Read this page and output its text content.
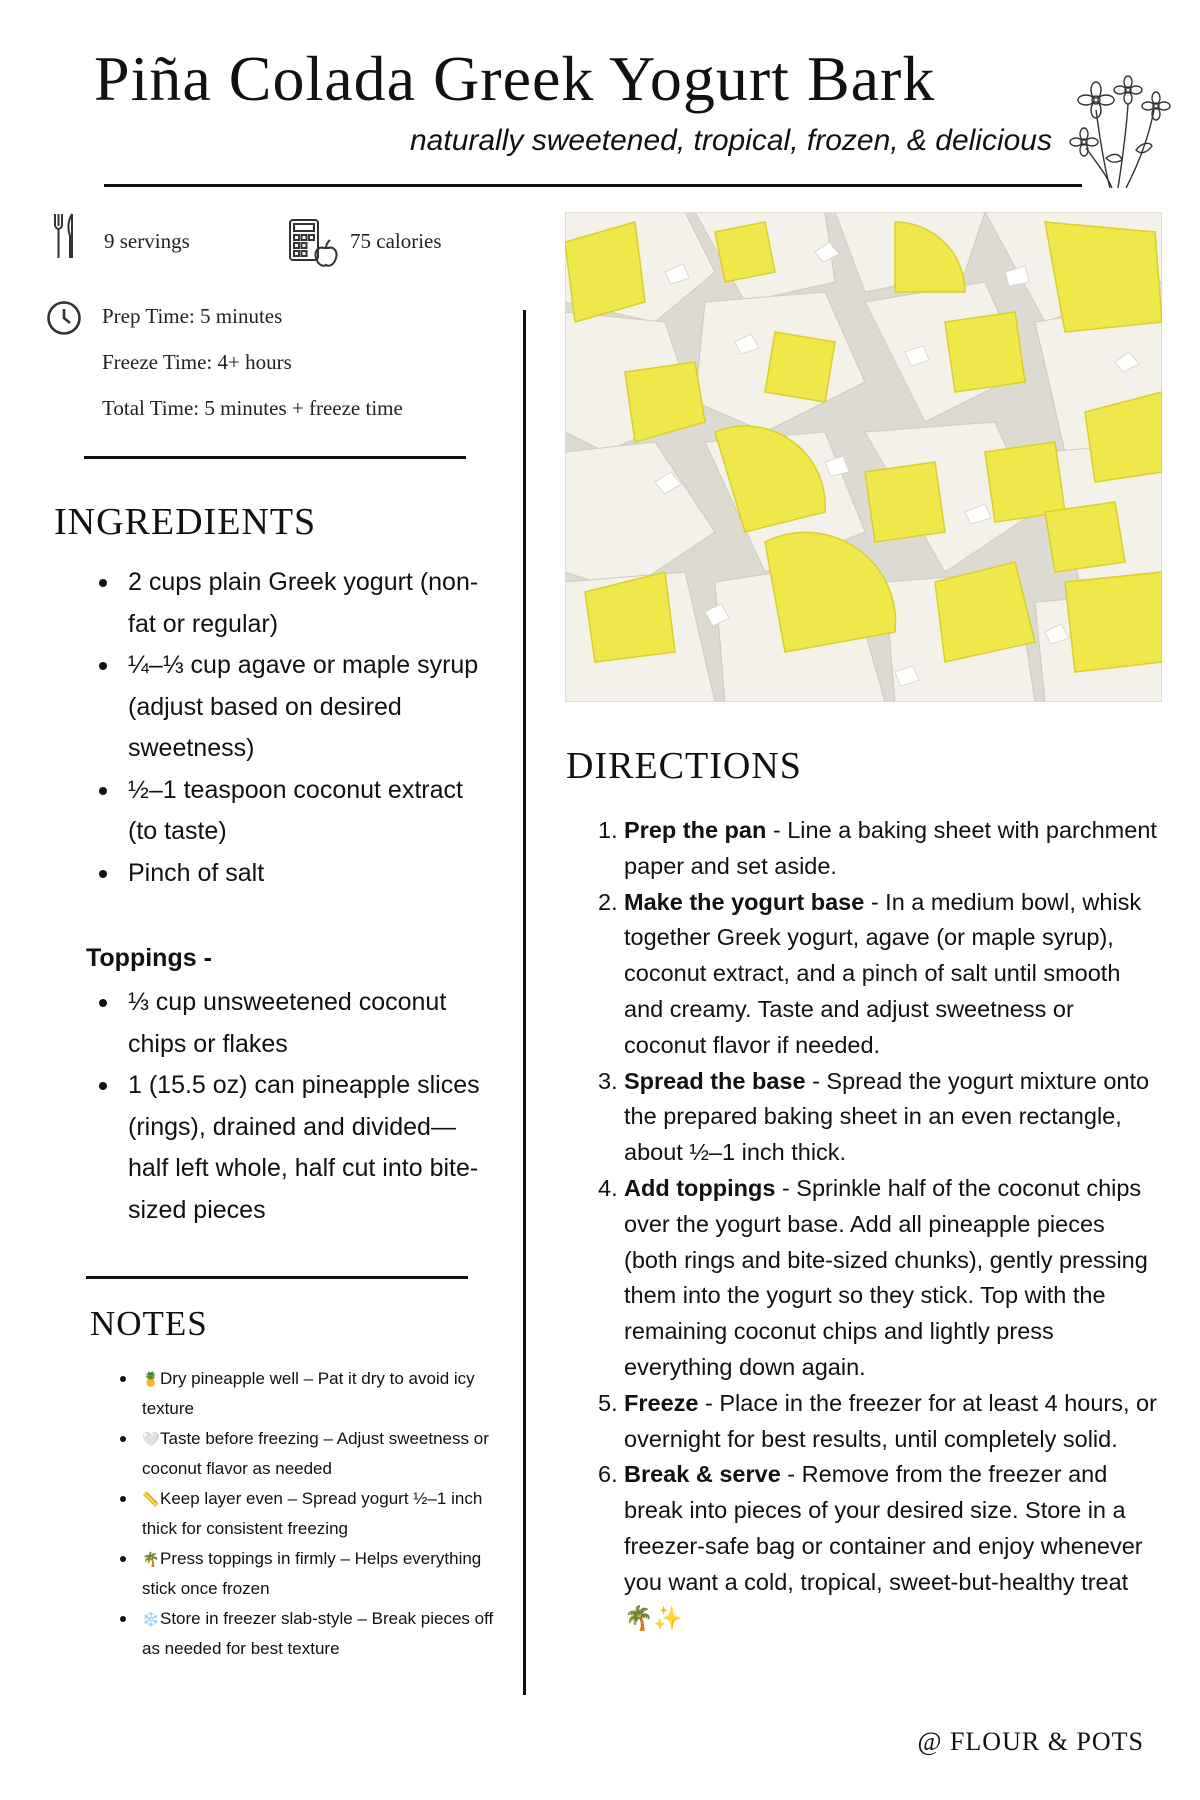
Piña Colada Greek Yogurt Bark
naturally sweetened, tropical, frozen, & delicious
9 servings	75 calories
Prep Time: 5 minutes
Freeze Time: 4+ hours
Total Time: 5 minutes + freeze time
INGREDIENTS
2 cups plain Greek yogurt (non-fat or regular)
¼–⅓ cup agave or maple syrup (adjust based on desired sweetness)
½–1 teaspoon coconut extract (to taste)
Pinch of salt
Toppings -
⅓ cup unsweetened coconut chips or flakes
1 (15.5 oz) can pineapple slices (rings), drained and divided—half left whole, half cut into bite-sized pieces
NOTES
🍍Dry pineapple well – Pat it dry to avoid icy texture
🤍Taste before freezing – Adjust sweetness or coconut flavor as needed
📏Keep layer even – Spread yogurt ½–1 inch thick for consistent freezing
🌴Press toppings in firmly – Helps everything stick once frozen
❄️Store in freezer slab-style – Break pieces off as needed for best texture
DIRECTIONS
1. Prep the pan - Line a baking sheet with parchment paper and set aside.
2. Make the yogurt base - In a medium bowl, whisk together Greek yogurt, agave (or maple syrup), coconut extract, and a pinch of salt until smooth and creamy. Taste and adjust sweetness or coconut flavor if needed.
3. Spread the base - Spread the yogurt mixture onto the prepared baking sheet in an even rectangle, about ½–1 inch thick.
4. Add toppings - Sprinkle half of the coconut chips over the yogurt base. Add all pineapple pieces (both rings and bite-sized chunks), gently pressing them into the yogurt so they stick. Top with the remaining coconut chips and lightly press everything down again.
5. Freeze - Place in the freezer for at least 4 hours, or overnight for best results, until completely solid.
6. Break & serve - Remove from the freezer and break into pieces of your desired size. Store in a freezer-safe bag or container and enjoy whenever you want a cold, tropical, sweet-but-healthy treat 🌴✨
@ FLOUR & POTS
